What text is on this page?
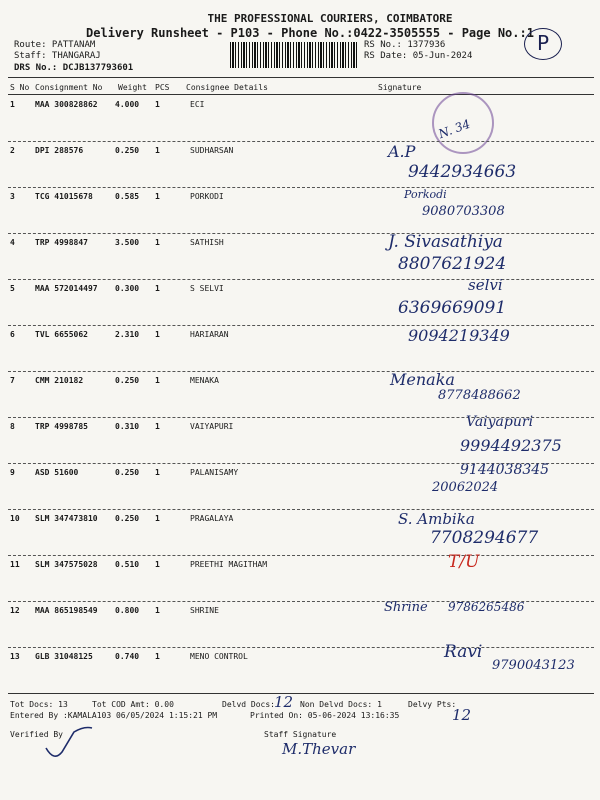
THE PROFESSIONAL COURIERS, COIMBATORE
Delivery Runsheet - P103 - Phone No.:0422-3505555 - Page No.:1 P
Route: PATTANAM
Staff: THANGARAJ
DRS No.: DCJB137793601
RS No.: 1377936
RS Date: 05-Jun-2024
S No Consignment No Weight PCS Consignee Details	Signature
1	MAA 300828862 4.000 1	ECI
N. 34
2	DPI 288576	0.250 1	SUDHARSAN	A.P
9442934663
3	TCG 41015678	0.585 1	PORKODI	Porkodi
9080703308
4	TRP 4998847	3.500 1	SATHISH	J. Sivasathiya
8807621924
5	MAA 572014497 0.300 1	S SELVI	selvi
6369669091
6	TVL 6655062	2.310 1	HARIARAN	9094219349
7	CMM 210182	0.250 1	MENAKA	Menaka
8778488662
8	TRP 4998785	0.310 1	VAIYAPURI	Vaiyapuri
9994492375
9	ASD 51600	0.250 1	PALANISAMY	9144038345
20062024
10 SLM 347473810 0.250 1	PRAGALAYA	S. Ambika
7708294677
11 SLM 347575028 0.510 1	PREETHI MAGITHAM	T/U
12 MAA 865198549 0.800 1	SHRINE	Shrine 9786265486
13 GLB 31048125	0.740 1	MENO CONTROL	Ravi
9790043123
Tot Docs: 13	Tot COD Amt: 0.00	Delvd Docs: 12 Non Delvd Docs: 1	Delvy Pts:
12
Entered By :KAMALA103 06/05/2024 1:15:21 PM	Printed On: 05-06-2024 13:16:35
Verified By	Staff Signature
M.Thevar
